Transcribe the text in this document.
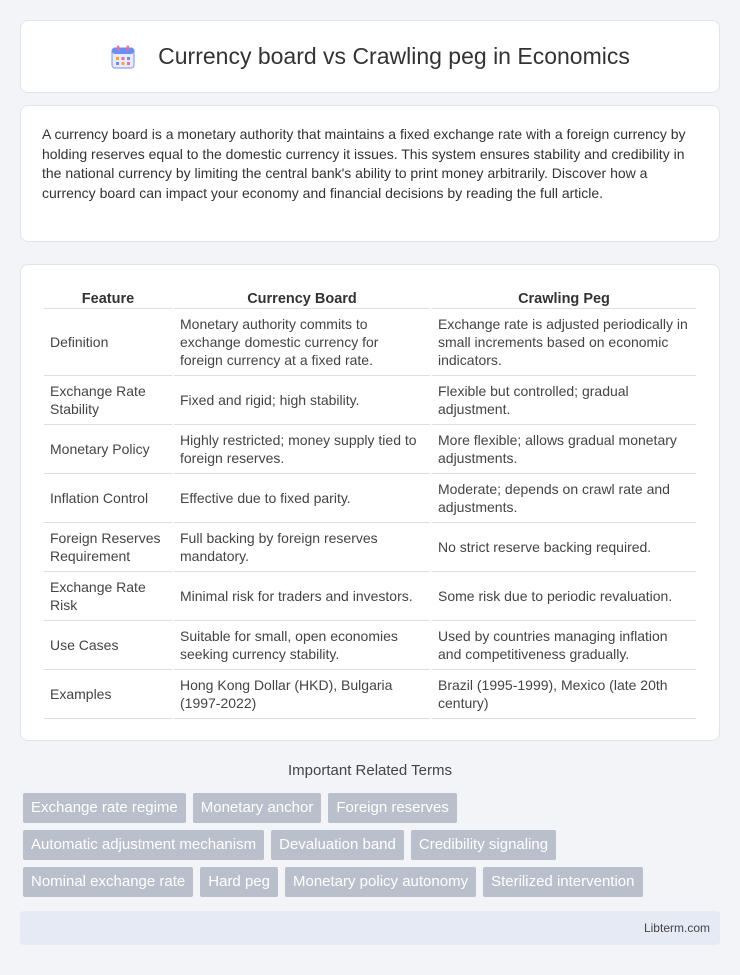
Currency board vs Crawling peg in Economics

A currency board is a monetary authority that maintains a fixed exchange rate with a foreign currency by holding reserves equal to the domestic currency it issues. This system ensures stability and credibility in the national currency by limiting the central bank's ability to print money arbitrarily. Discover how a currency board can impact your economy and financial decisions by reading the full article.

Feature	Currency Board	Crawling Peg
Definition	Monetary authority commits to exchange domestic currency for foreign currency at a fixed rate.	Exchange rate is adjusted periodically in small increments based on economic indicators.
Exchange Rate Stability	Fixed and rigid; high stability.	Flexible but controlled; gradual adjustment.
Monetary Policy	Highly restricted; money supply tied to foreign reserves.	More flexible; allows gradual monetary adjustments.
Inflation Control	Effective due to fixed parity.	Moderate; depends on crawl rate and adjustments.
Foreign Reserves Requirement	Full backing by foreign reserves mandatory.	No strict reserve backing required.
Exchange Rate Risk	Minimal risk for traders and investors.	Some risk due to periodic revaluation.
Use Cases	Suitable for small, open economies seeking currency stability.	Used by countries managing inflation and competitiveness gradually.
Examples	Hong Kong Dollar (HKD), Bulgaria (1997-2022)	Brazil (1995-1999), Mexico (late 20th century)
Important Related Terms
Exchange rate regime	Monetary anchor	Foreign reserves
Automatic adjustment mechanism	Devaluation band	Credibility signaling
Nominal exchange rate	Hard peg	Monetary policy autonomy	Sterilized intervention
Libterm.com
